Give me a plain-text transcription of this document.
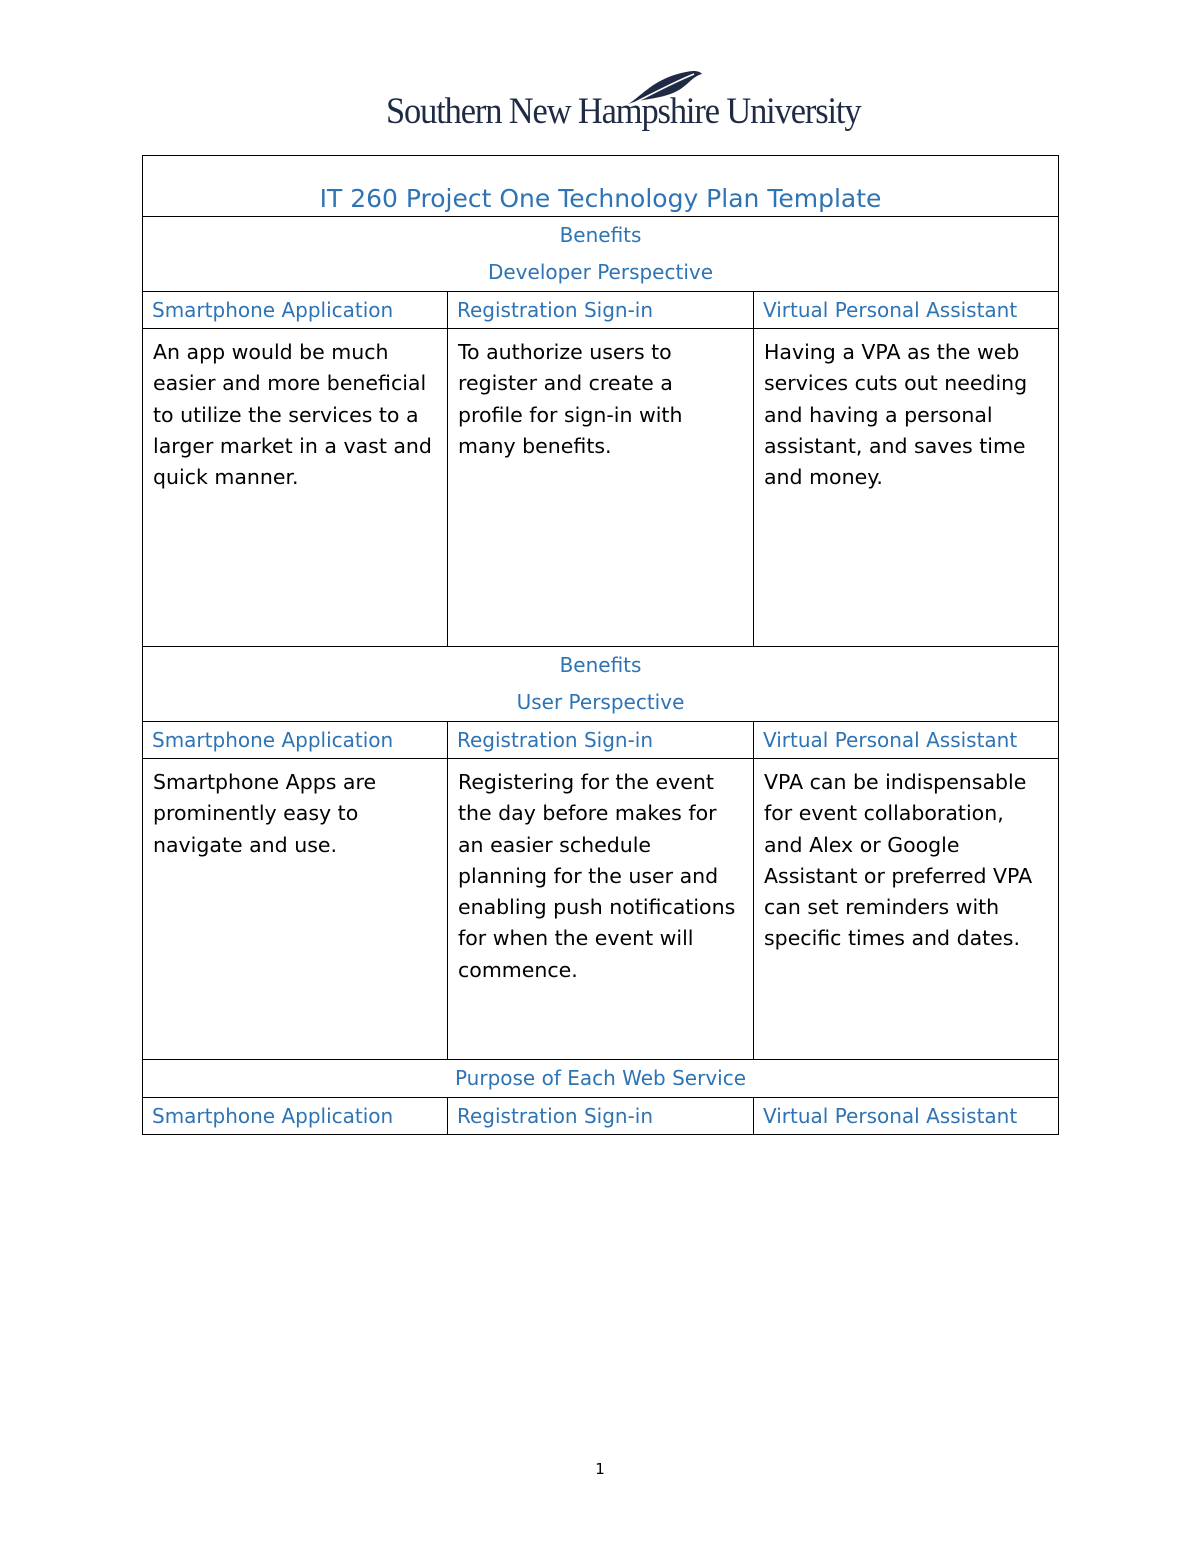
Southern New Hampshire University
IT 260 Project One Technology Plan Template		

Benefits
Developer Perspective		

Smartphone Application	Registration Sign-in	Virtual Personal Assistant
An app would be much easier and more beneficial to utilize the services to a larger market in a vast and quick manner.	To authorize users to register and create a profile for sign-in with many benefits.	Having a VPA as the web services cuts out needing and having a personal assistant, and saves time and money.

Benefits
User Perspective		

Smartphone Application	Registration Sign-in	Virtual Personal Assistant
Smartphone Apps are prominently easy to navigate and use.	Registering for the event the day before makes for an easier schedule planning for the user and enabling push notifications for when the event will commence.	VPA can be indispensable for event collaboration, and Alex or Google Assistant or preferred VPA can set reminders with specific times and dates.
Purpose of Each Web Service		
Smartphone Application	Registration Sign-in	Virtual Personal Assistant
1
